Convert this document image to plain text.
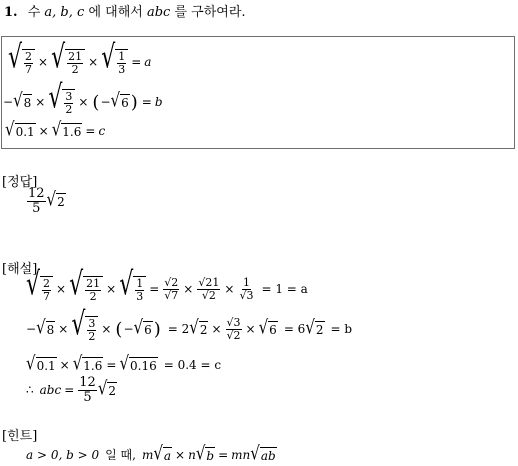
1. 수 a, b, c 에 대해서 abc 를 구하여라.
√ $\frac{2}{7}$ × √ $\frac{21}{2}$ × √ $\frac{1}{3} = a$
− √ 8 × √ $\frac{3}{2}$ × ( − √ 6 ) = b
√ 0.1 × √ 1.6 = c
[정답]
$\frac{12}{5}$ √ 2
[해설]
√ $\frac{2}{7}$ × √ $\frac{21}{2}$ × √ $\frac{1}{3} = \frac{√2}{√7} \times \frac{√21}{√2} \times \frac{1}{√3} = 1 = a$
− √ 8 × √ $\frac{3}{2}$ × ( − √ 6 ) = 2 √ $2 \times \frac{√3}{√2}$ × √ 6 = 6 √ 2 = b
√ 0.1 × √ 1.6 = √ 0.16 = 0.4 = c
∴ abc = $\frac{12}{5}$ √ 2
[힌트]
a > 0, b > 0 일 때, m √ a × n √ b = mn √ ab
